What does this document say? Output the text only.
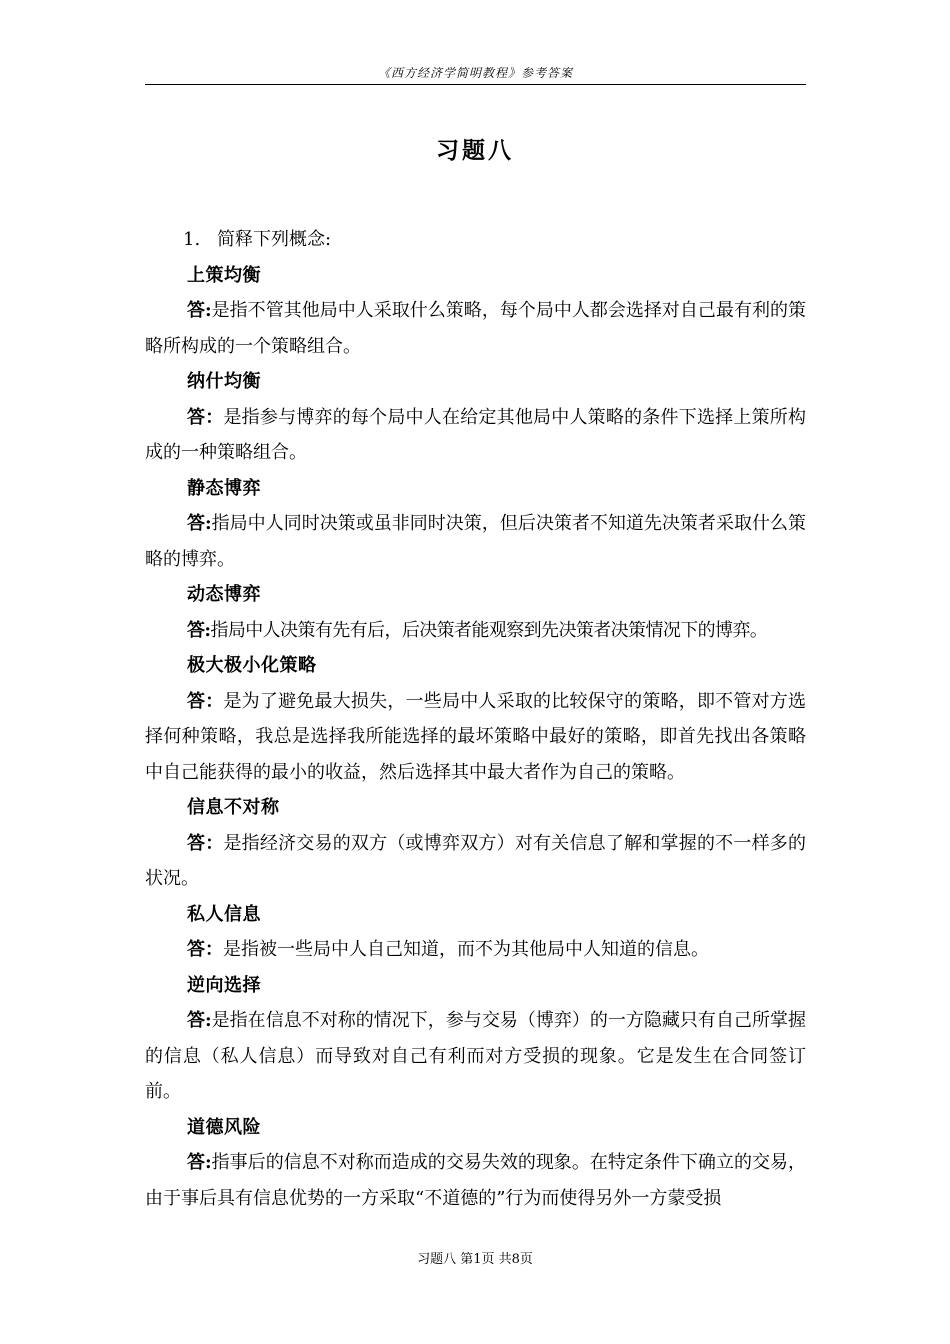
《西方经济学简明教程》参考答案
习题八
1. 简释下列概念:
上策均衡
答:是指不管其他局中人采取什么策略，每个局中人都会选择对自己最有利的策略所构成的一个策略组合。
纳什均衡
答：是指参与博弈的每个局中人在给定其他局中人策略的条件下选择上策所构成的一种策略组合。
静态博弈
答:指局中人同时决策或虽非同时决策，但后决策者不知道先决策者采取什么策略的博弈。
动态博弈
答:指局中人决策有先有后，后决策者能观察到先决策者决策情况下的博弈。
极大极小化策略
答：是为了避免最大损失，一些局中人采取的比较保守的策略，即不管对方选择何种策略，我总是选择我所能选择的最坏策略中最好的策略，即首先找出各策略中自己能获得的最小的收益，然后选择其中最大者作为自己的策略。
信息不对称
答：是指经济交易的双方（或博弈双方）对有关信息了解和掌握的不一样多的状况。
私人信息
答：是指被一些局中人自己知道，而不为其他局中人知道的信息。
逆向选择
答:是指在信息不对称的情况下，参与交易（博弈）的一方隐藏只有自己所掌握的信息（私人信息）而导致对自己有利而对方受损的现象。它是发生在合同签订前。
道德风险
答:指事后的信息不对称而造成的交易失效的现象。在特定条件下确立的交易，由于事后具有信息优势的一方采取“不道德的”行为而使得另外一方蒙受损
习题八 第1页 共8页
